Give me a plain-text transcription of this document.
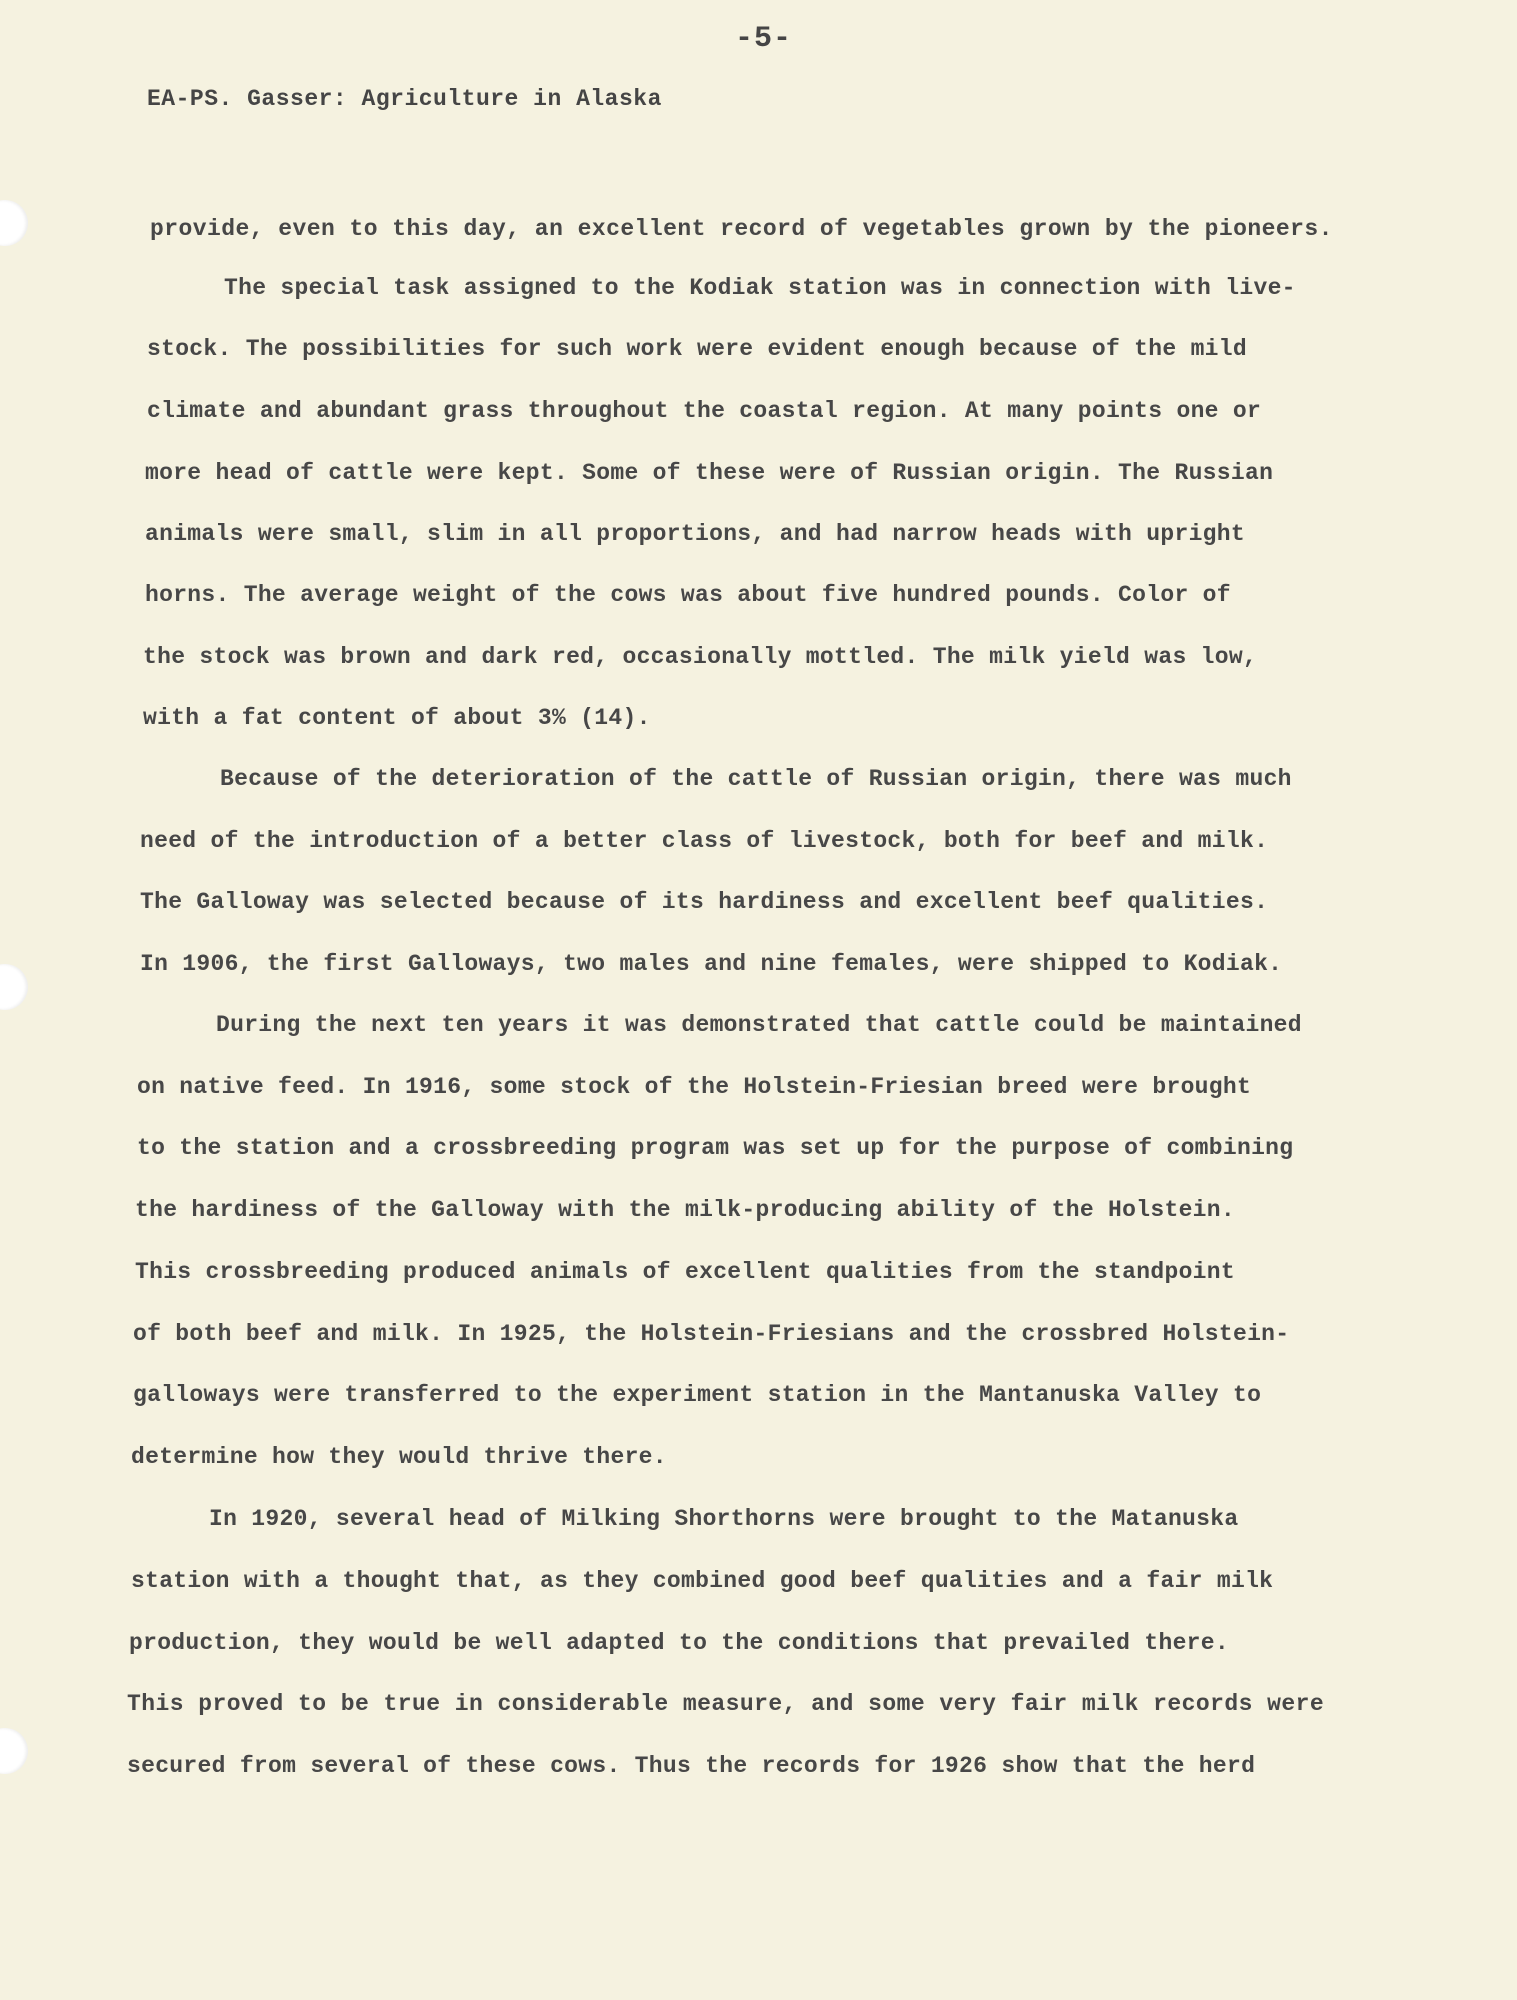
-5-
EA-PS. Gasser: Agriculture in Alaska
provide, even to this day, an excellent record of vegetables grown by the pioneers.
The special task assigned to the Kodiak station was in connection with live-
stock. The possibilities for such work were evident enough because of the mild
climate and abundant grass throughout the coastal region. At many points one or
more head of cattle were kept. Some of these were of Russian origin. The Russian
animals were small, slim in all proportions, and had narrow heads with upright
horns. The average weight of the cows was about five hundred pounds. Color of
the stock was brown and dark red, occasionally mottled. The milk yield was low,
with a fat content of about 3% (14).
Because of the deterioration of the cattle of Russian origin, there was much
need of the introduction of a better class of livestock, both for beef and milk.
The Galloway was selected because of its hardiness and excellent beef qualities.
In 1906, the first Galloways, two males and nine females, were shipped to Kodiak.
During the next ten years it was demonstrated that cattle could be maintained
on native feed. In 1916, some stock of the Holstein-Friesian breed were brought
to the station and a crossbreeding program was set up for the purpose of combining
the hardiness of the Galloway with the milk-producing ability of the Holstein.
This crossbreeding produced animals of excellent qualities from the standpoint
of both beef and milk. In 1925, the Holstein-Friesians and the crossbred Holstein-
galloways were transferred to the experiment station in the Mantanuska Valley to
determine how they would thrive there.
In 1920, several head of Milking Shorthorns were brought to the Matanuska
station with a thought that, as they combined good beef qualities and a fair milk
production, they would be well adapted to the conditions that prevailed there.
This proved to be true in considerable measure, and some very fair milk records were
secured from several of these cows. Thus the records for 1926 show that the herd
